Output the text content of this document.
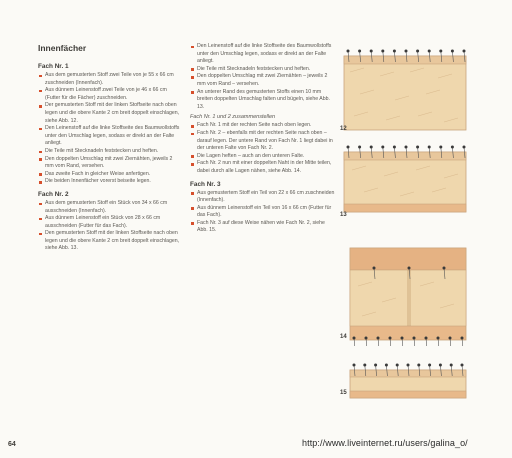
Innenfächer
Fach Nr. 1
Aus dem gemusterten Stoff zwei Teile von je 55 x 66 cm zuschneiden (Innenfach).
Aus dünnem Leinenstoff zwei Teile von je 46 x 66 cm (Futter für die Fächer) zuschneiden.
Der gemusterten Stoff mit der linken Stoffseite nach oben legen und die obere Kante 2 cm breit doppelt einschlagen, siehe Abb. 12.
Den Leinenstoff auf die linke Stoffseite des Baumwollstoffs unter den Umschlag legen, sodass er direkt an der Falte anliegt.
Die Teile mit Stecknadeln feststecken und heften.
Den doppelten Umschlag mit zwei Ziernähten, jeweils 2 mm vom Rand, versehen.
Das zweite Fach in gleicher Weise anfertigen.
Die beiden Innenfächer vorerst beiseite legen.
Fach Nr. 2
Aus dem gemusterten Stoff ein Stück von 34 x 66 cm ausschneiden (Innenfach).
Aus dünnem Leinenstoff ein Stück von 28 x 66 cm ausschneiden (Futter für das Fach).
Den gemusterten Stoff mit der linken Stoffseite nach oben legen und die obere Kante 2 cm breit doppelt einschlagen, siehe Abb. 13.
Den Leinenstoff auf die linke Stoffseite des Baumwollstoffs unter den Umschlag legen, sodass er direkt an der Falte anliegt.
Die Teile mit Stecknadeln feststecken und heften.
Den doppelten Umschlag mit zwei Ziernähten – jeweils 2 mm vom Rand – versehen.
An unterer Rand des gemusterten Stoffs einen 10 mm breiten doppelten Umschlag falten und bügeln, siehe Abb. 13.
Fach Nr. 1 und 2 zusammenstellen
Fach Nr. 1 mit der rechten Seite nach oben legen.
Fach Nr. 2 – ebenfalls mit der rechten Seite nach oben – darauf legen. Der untere Rand von Fach Nr. 1 liegt dabei in der unteren Falte von Fach Nr. 2.
Die Lagen heften – auch an den unteren Falte.
Fach Nr. 2 nun mit einer doppelten Naht in der Mitte teilen, dabei durch alle Lagen nähen, siehe Abb. 14.
Fach Nr. 3
Aus gemustertem Stoff ein Teil von 22 x 66 cm zuschneiden (Innenfach).
Aus dünnem Leinenstoff ein Teil von 16 x 66 cm (Futter für das Fach).
Fach Nr. 3 auf diese Weise nähen wie Fach Nr. 2, siehe Abb. 15.
12
13
14
15
64	http://www.liveinternet.ru/users/galina_o/
